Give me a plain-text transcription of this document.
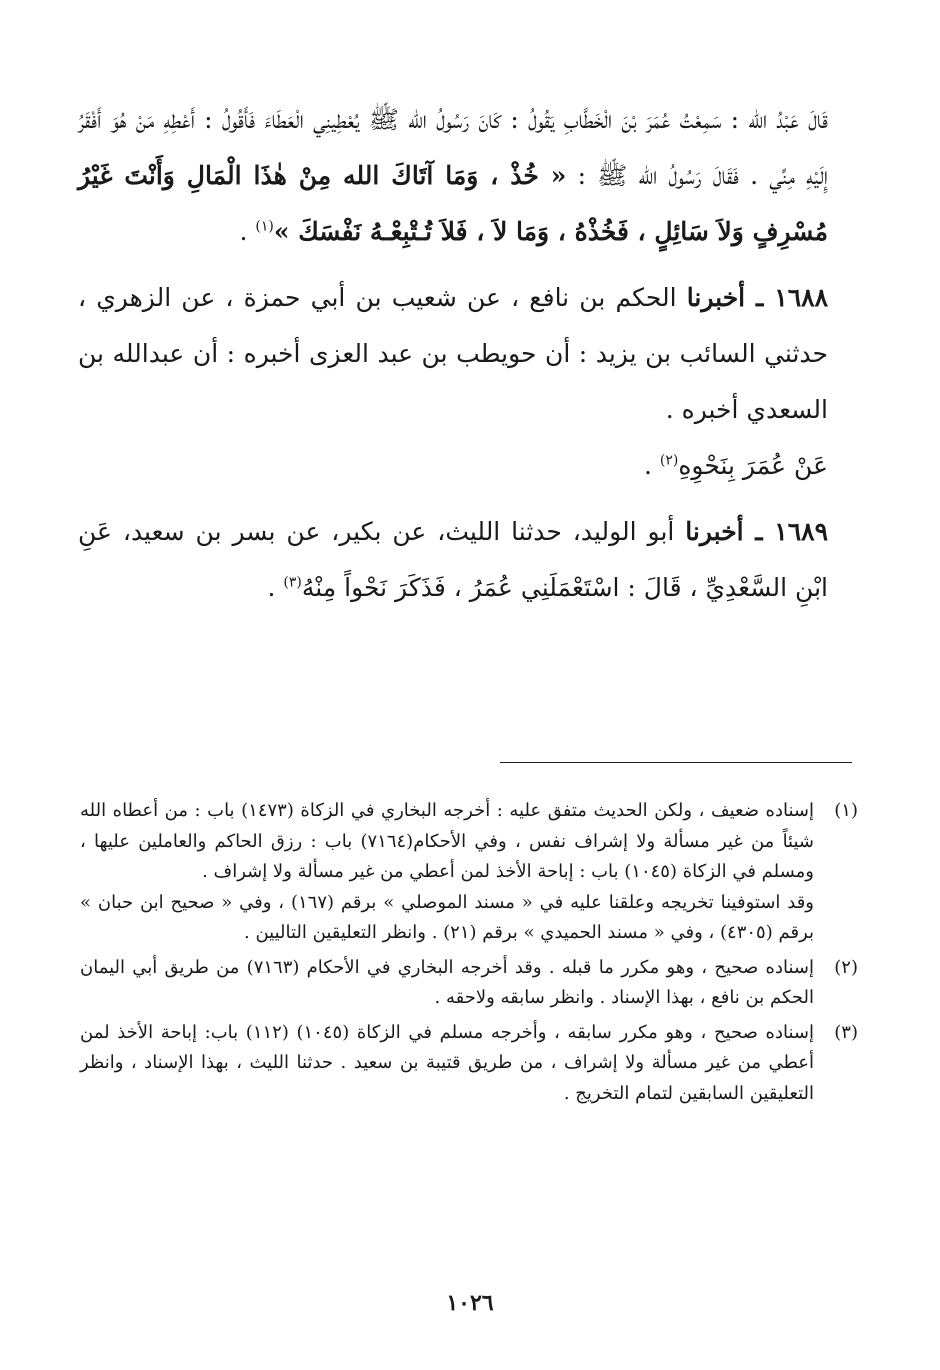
قَالَ عَبْدُ الله : سَمِعْتُ عُمَرَ بْنَ الْخَطَّابِ يَقُولُ : كَانَ رَسُولُ الله ﷺ يُعْطِينِي الْعَطَاءَ فَأَقُولُ : أَعْطِهِ مَنْ هُوَ أَفْقَرُ إِلَيْهِ مِنِّي . فَقَالَ رَسُولُ الله ﷺ : « خُذْ ، وَمَا آتَاكَ الله مِنْ هٰذَا الْمَالِ وَأَنْتَ غَيْرُ مُسْرِفٍ وَلاَ سَائِلٍ ، فَخُذْهُ ، وَمَا لاَ ، فَلاَ تُـتْبِعْـهُ نَفْسَكَ »$^{(١)}$ .

١٦٨٨ ـ أخبرنا الحكم بن نافع ، عن شعيب بن أبي حمزة ، عن الزهري ، حدثني السائب بن يزيد : أن حويطب بن عبد العزى أخبره : أن عبدالله بن السعدي أخبره .

عَنْ عُمَرَ بِنَحْوِهِ$^{(٢)}$ .

١٦٨٩ ـ أخبرنا أبو الوليد، حدثنا الليث، عن بكير، عن بسر بن سعيد، عَنِ ابْنِ السَّعْدِيِّ ، قَالَ : اسْتَعْمَلَنِي عُمَرُ ، فَذَكَرَ نَحْواً مِنْهُ$^{(٣)}$ .

(١)

إسناده ضعيف ، ولكن الحديث متفق عليه : أخرجه البخاري في الزكاة (١٤٧٣) باب : من أعطاه الله شيئاً من غير مسألة ولا إشراف نفس ، وفي الأحكام(٧١٦٤) باب : رزق الحاكم والعاملين عليها ، ومسلم في الزكاة (١٠٤٥) باب : إباحة الأخذ لمن أعطي من غير مسألة ولا إشراف .

وقد استوفينا تخريجه وعلقنا عليه في « مسند الموصلي » برقم (١٦٧) ، وفي « صحيح ابن حبان » برقم (٤٣٠٥) ، وفي « مسند الحميدي » برقم (٢١) . وانظر التعليقين التاليين .

(٢)

إسناده صحيح ، وهو مكرر ما قبله . وقد أخرجه البخاري في الأحكام (٧١٦٣) من طريق أبي اليمان الحكم بن نافع ، بهذا الإسناد . وانظر سابقه ولاحقه .

(٣)

إسناده صحيح ، وهو مكرر سابقه ، وأخرجه مسلم في الزكاة (١٠٤٥) (١١٢) باب: إباحة الأخذ لمن أعطي من غير مسألة ولا إشراف ، من طريق قتيبة بن سعيد . حدثنا الليث ، بهذا الإسناد ، وانظر التعليقين السابقين لتمام التخريج .

١٠٢٦
